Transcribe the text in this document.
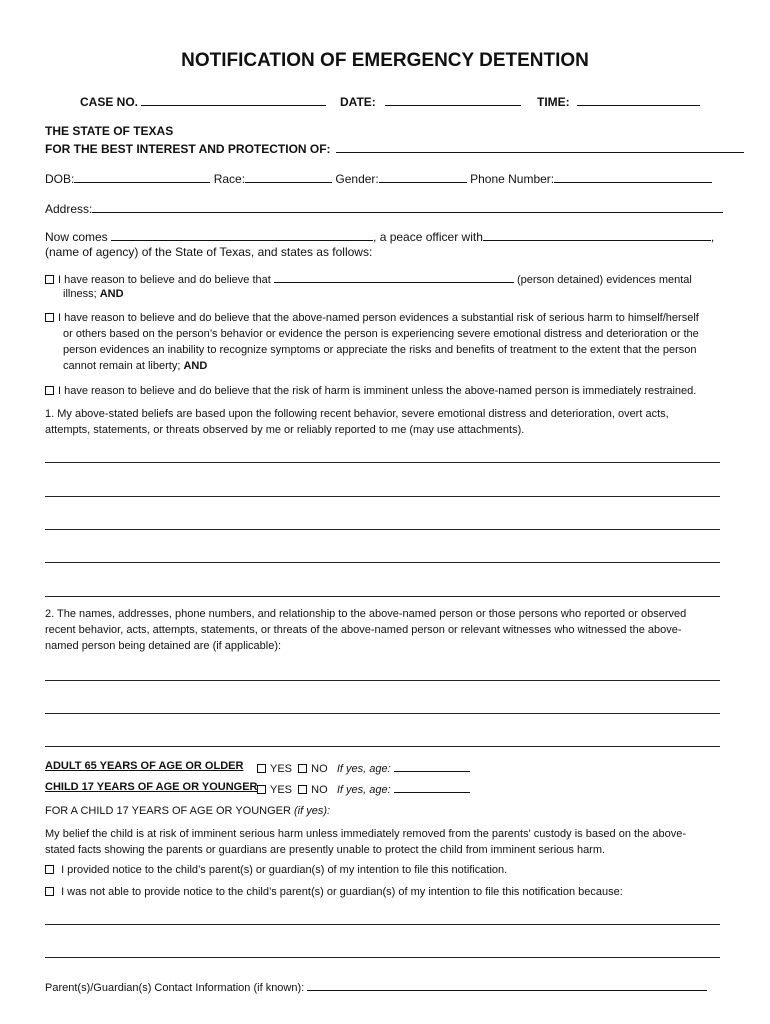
NOTIFICATION OF EMERGENCY DETENTION
CASE NO.	DATE:	TIME:
THE STATE OF TEXAS
FOR THE BEST INTEREST AND PROTECTION OF:
DOB:	Race:	Gender:	Phone Number:
Address:
Now comes	, a peace officer with	,
(name of agency) of the State of Texas, and states as follows:
I have reason to believe and do believe that	(person detained) evidences mental
illness; AND
I have reason to believe and do believe that the above-named person evidences a substantial risk of serious harm to himself/herself
or others based on the person’s behavior or evidence the person is experiencing severe emotional distress and deterioration or the
person evidences an inability to recognize symptoms or appreciate the risks and benefits of treatment to the extent that the person
cannot remain at liberty; AND
I have reason to believe and do believe that the risk of harm is imminent unless the above-named person is immediately restrained.
1. My above-stated beliefs are based upon the following recent behavior, severe emotional distress and deterioration, overt acts,
attempts, statements, or threats observed by me or reliably reported to me (may use attachments).
2. The names, addresses, phone numbers, and relationship to the above-named person or those persons who reported or observed
recent behavior, acts, attempts, statements, or threats of the above-named person or relevant witnesses who witnessed the above-
named person being detained are (if applicable):
ADULT 65 YEARS OF AGE OR OLDER	YES NO If yes, age:
CHILD 17 YEARS OF AGE OR YOUNGER	YES NO If yes, age:
FOR A CHILD 17 YEARS OF AGE OR YOUNGER (if yes):
My belief the child is at risk of imminent serious harm unless immediately removed from the parents' custody is based on the above-
stated facts showing the parents or guardians are presently unable to protect the child from imminent serious harm.
I provided notice to the child’s parent(s) or guardian(s) of my intention to file this notification.
I was not able to provide notice to the child’s parent(s) or guardian(s) of my intention to file this notification because:
Parent(s)/Guardian(s) Contact Information (if known):
